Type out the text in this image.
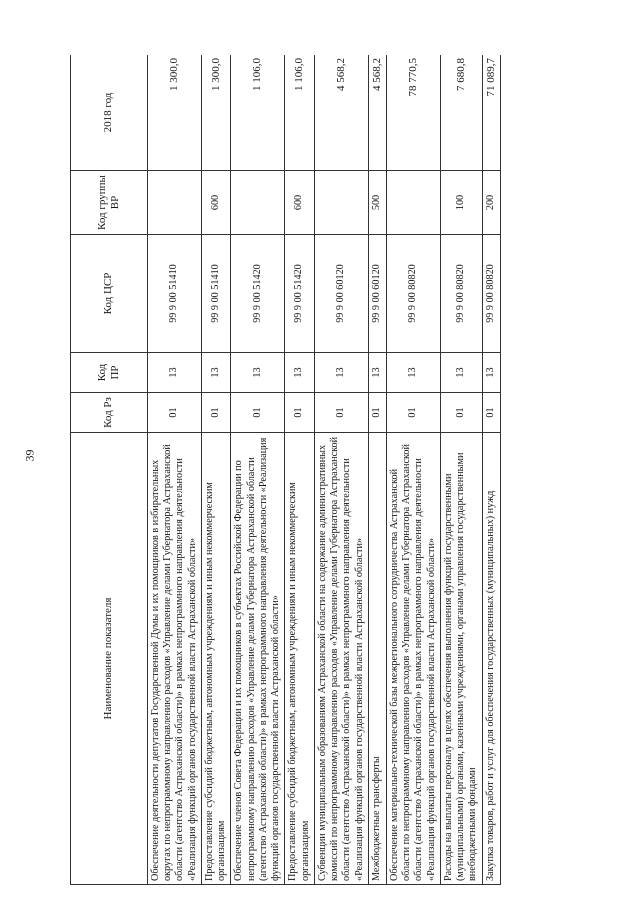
39
Наименование показателя	Код Рз	Код ПР	Код ЦСР	Код группы ВР	2018 год
Обеспечение деятельности депутатов Государственной Думы и их помощников в избирательных округах по непрограммному направлению расходов «Управление делами Губернатора Астраханской области (агентство Астраханской области)» в рамках непрограммного направления деятельности «Реализация функций органов государственной власти Астраханской области»	01	13	99 9 00 51410		1 300,0
Предоставление субсидий бюджетным, автономным учреждениям и иным некоммерческим организациям	01	13	99 9 00 51410	600	1 300,0
Обеспечение членов Совета Федерации и их помощников в субъектах Российской Федерации по непрограммному направлению расходов «Управление делами Губернатора Астраханской области (агентство Астраханской области)» в рамках непрограммного направления деятельности «Реализация функций органов государственной власти Астраханской области»	01	13	99 9 00 51420		1 106,0
Предоставление субсидий бюджетным, автономным учреждениям и иным некоммерческим организациям	01	13	99 9 00 51420	600	1 106,0
Субвенции муниципальным образованиям Астраханской области на содержание административных комиссий по непрограммному направлению расходов «Управление делами Губернатора Астраханской области (агентство Астраханской области)» в рамках непрограммного направления деятельности «Реализация функций органов государственной власти Астраханской области»	01	13	99 9 00 60120		4 568,2
Межбюджетные трансферты	01	13	99 9 00 60120	500	4 568,2
Обеспечение материально-технической базы межрегионального сотрудничества Астраханской области по непрограммному направлению расходов «Управление делами Губернатора Астраханской области (агентство Астраханской области)» в рамках непрограммного направления деятельности «Реализация функций органов государственной власти Астраханской области»	01	13	99 9 00 80820		78 770,5
Расходы на выплаты персоналу в целях обеспечения выполнения функций государственными (муниципальными) органами, казенными учреждениями, органами управления государственными внебюджетными фондами	01	13	99 9 00 80820	100	7 680,8
Закупка товаров, работ и услуг для обеспечения государственных (муниципальных) нужд	01	13	99 9 00 80820	200	71 089,7
